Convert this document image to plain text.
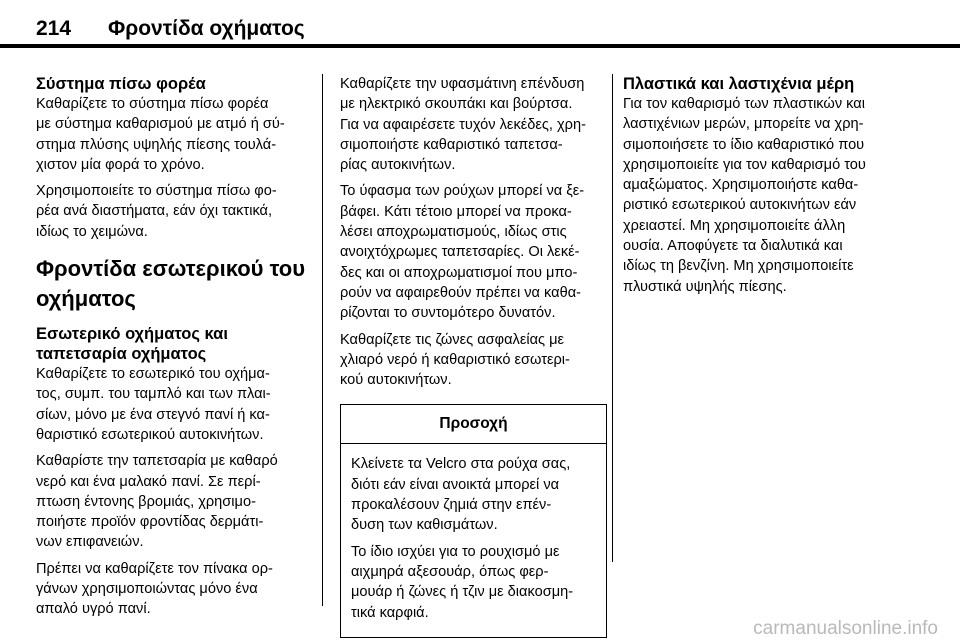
214	Φροντίδα οχήματος
Σύστημα πίσω φορέα

Καθαρίζετε το σύστημα πίσω φορέα
με σύστημα καθαρισμού με ατμό ή σύ-
στημα πλύσης υψηλής πίεσης τουλά-
χιστον μία φορά το χρόνο.

Χρησιμοποιείτε το σύστημα πίσω φο-
ρέα ανά διαστήματα, εάν όχι τακτικά,
ιδίως το χειμώνα.

Φροντίδα εσωτερικού του
οχήματος
Εσωτερικό οχήματος και
ταπετσαρία οχήματος

Καθαρίζετε το εσωτερικό του οχήμα-
τος, συμπ. του ταμπλό και των πλαι-
σίων, μόνο με ένα στεγνό πανί ή κα-
θαριστικό εσωτερικού αυτοκινήτων.

Καθαρίστε την ταπετσαρία με καθαρό
νερό και ένα μαλακό πανί. Σε περί-
πτωση έντονης βρομιάς, χρησιμο-
ποιήστε προϊόν φροντίδας δερμάτι-
νων επιφανειών.

Πρέπει να καθαρίζετε τον πίνακα ορ-
γάνων χρησιμοποιώντας μόνο ένα
απαλό υγρό πανί.

Καθαρίζετε την υφασμάτινη επένδυση
με ηλεκτρικό σκουπάκι και βούρτσα.
Για να αφαιρέσετε τυχόν λεκέδες, χρη-
σιμοποιήστε καθαριστικό ταπετσα-
ρίας αυτοκινήτων.

Το ύφασμα των ρούχων μπορεί να ξε-
βάφει. Κάτι τέτοιο μπορεί να προκα-
λέσει αποχρωματισμούς, ιδίως στις
ανοιχτόχρωμες ταπετσαρίες. Οι λεκέ-
δες και οι αποχρωματισμοί που μπο-
ρούν να αφαιρεθούν πρέπει να καθα-
ρίζονται το συντομότερο δυνατόν.

Καθαρίζετε τις ζώνες ασφαλείας με
χλιαρό νερό ή καθαριστικό εσωτερι-
κού αυτοκινήτων.

Προσοχή

Κλείνετε τα Velcro στα ρούχα σας,
διότι εάν είναι ανοικτά μπορεί να
προκαλέσουν ζημιά στην επέν-
δυση των καθισμάτων.

Το ίδιο ισχύει για το ρουχισμό με
αιχμηρά αξεσουάρ, όπως φερ-
μουάρ ή ζώνες ή τζιν με διακοσμη-
τικά καρφιά.

Πλαστικά και λαστιχένια μέρη

Για τον καθαρισμό των πλαστικών και
λαστιχένιων μερών, μπορείτε να χρη-
σιμοποιήσετε το ίδιο καθαριστικό που
χρησιμοποιείτε για τον καθαρισμό του
αμαξώματος. Χρησιμοποιήστε καθα-
ριστικό εσωτερικού αυτοκινήτων εάν
χρειαστεί. Μη χρησιμοποιείτε άλλη
ουσία. Αποφύγετε τα διαλυτικά και
ιδίως τη βενζίνη. Μη χρησιμοποιείτε
πλυστικά υψηλής πίεσης.

carmanualsonline.info
